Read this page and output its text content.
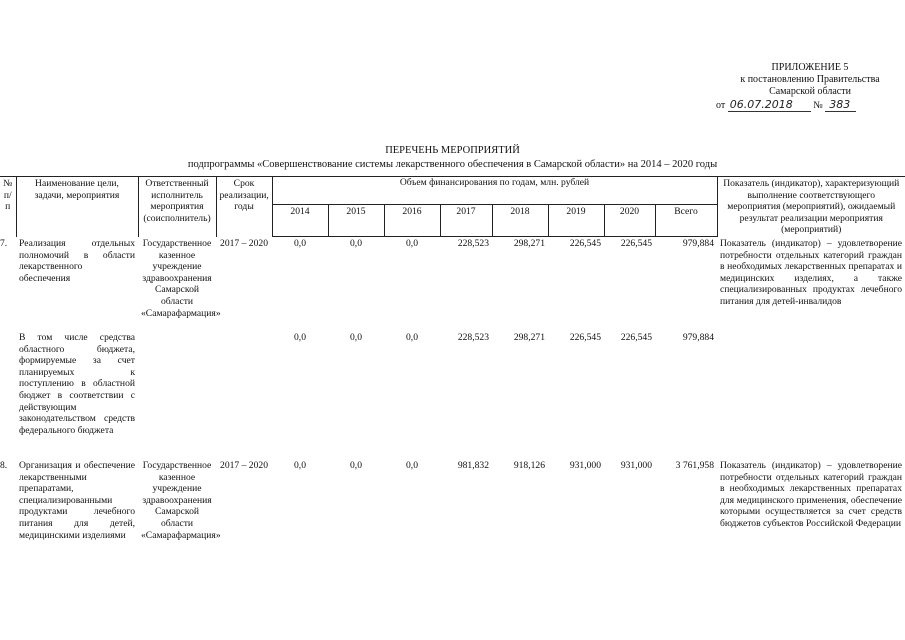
ПРИЛОЖЕНИЕ 5
к постановлению Правительства
Самарской области
от 06.07.2018 № 383
ПЕРЕЧЕНЬ МЕРОПРИЯТИЙ
подпрограммы «Совершенствование системы лекарственного обеспечения в Самарской области» на 2014 – 2020 годы
№ п/п	Наименование цели, задачи, мероприятия	Ответственный исполнитель мероприятия (соисполнитель)	Срок реализации, годы	Объем финансирования по годам, млн. рублей								Показатель (индикатор), характеризующий выполнение соответствующего мероприятия (мероприятий), ожидаемый результат реализации мероприятия (мероприятий)
				2014	2015	2016	2017	2018	2019	2020	Всего	
7.	Реализация отдельных полномочий в области лекарственного обеспечения	Государственное казенное учреждение здравоохранения Самарской области «Самарафармация»	2017 – 2020	0,0	0,0	0,0	228,523	298,271	226,545	226,545	979,884	Показатель (индикатор) – удовлетворение потребности отдельных категорий граждан в необходимых лекарственных препаратах и медицинских изделиях, а также специализированных продуктах лечебного питания для детей-инвалидов
	В том числе средства областного бюджета, формируемые за счет планируемых к поступлению в областной бюджет в соответствии с действующим законодательством средств федерального бюджета			0,0	0,0	0,0	228,523	298,271	226,545	226,545	979,884	
8.	Организация и обеспечение лекарственными препаратами, специализированными продуктами лечебного питания для детей, медицинскими изделиями	Государственное казенное учреждение здравоохранения Самарской области «Самарафармация»	2017 – 2020	0,0	0,0	0,0	981,832	918,126	931,000	931,000	3 761,958	Показатель (индикатор) – удовлетворение потребности отдельных категорий граждан в необходимых лекарственных препаратах для медицинского применения, обеспечение которыми осуществляется за счет средств бюджетов субъектов Российской Федерации
